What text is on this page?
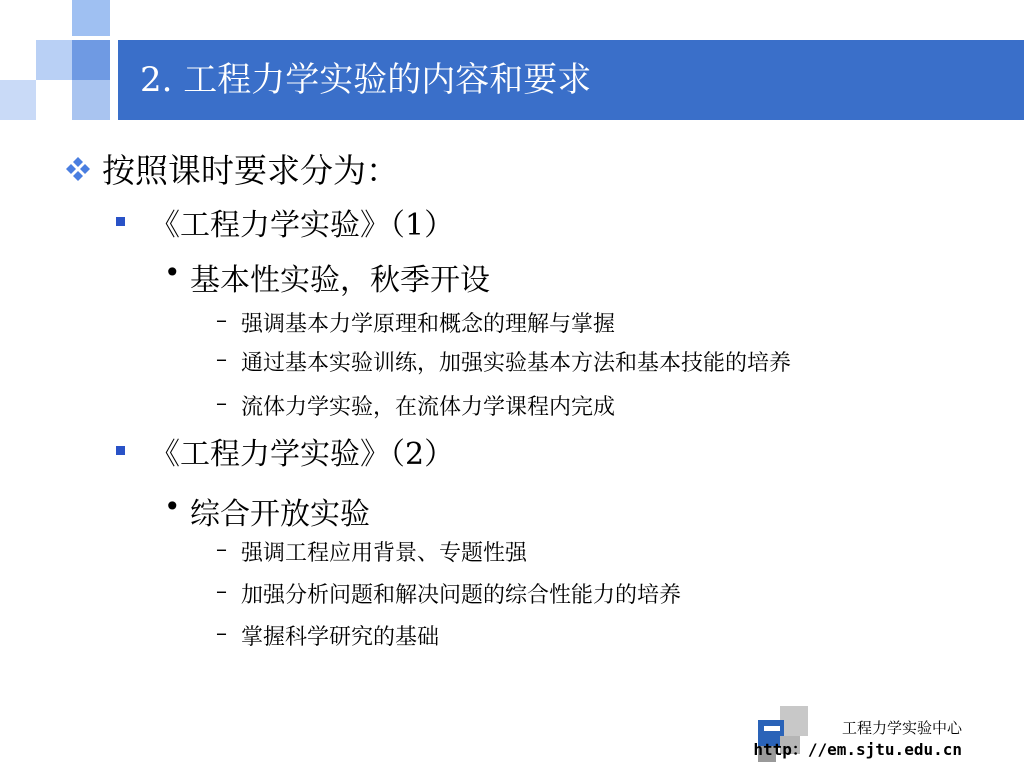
2. 工程力学实验的内容和要求
按照课时要求分为：
《工程力学实验》（1）
• 基本性实验，秋季开设
– 强调基本力学原理和概念的理解与掌握
– 通过基本实验训练，加强实验基本方法和基本技能的培养
– 流体力学实验，在流体力学课程内完成
《工程力学实验》（2）
• 综合开放实验
– 强调工程应用背景、专题性强
– 加强分析问题和解决问题的综合性能力的培养
– 掌握科学研究的基础
工程力学实验中心
http：//em.sjtu.edu.cn
